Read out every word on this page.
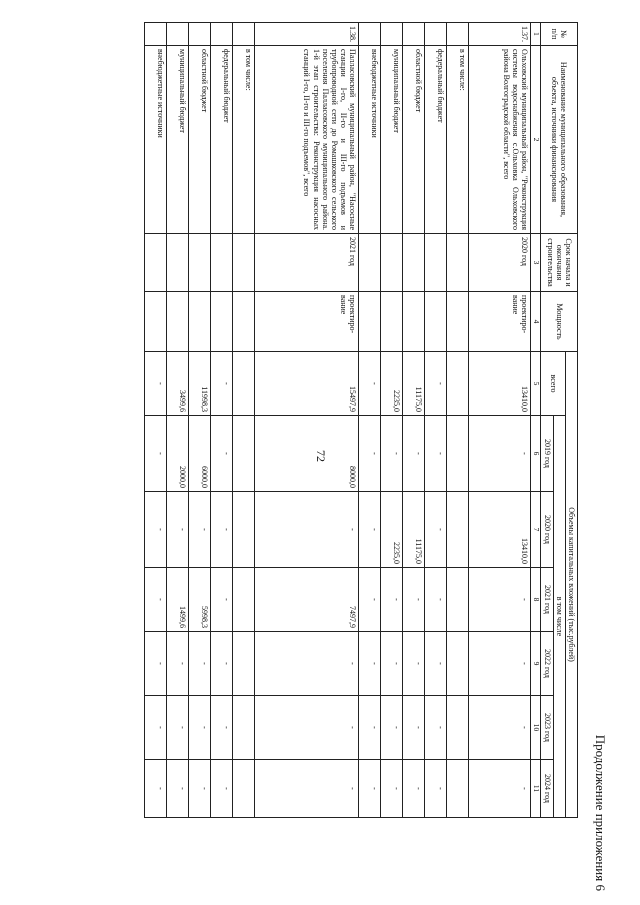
72
Продолжение приложения 6
№ п/п	Наименование муниципального образования, объекта, источники финансирования	Срок начала и окончания строительства	Мощность	Объемы капитальных вложений (тыс.рублей)						
				всего	в том числе					
					2019 год	2020 год	2021 год	2022 год	2023 год	2024 год
1	2	3	4	5	6	7	8	9	10	11
1.37.	Ольховский муниципальный район, "Реконструкция системы водоснабжения с.Ольховка Ольховского района Волгоградской области", всего	2020 год	проектиро-вание	13410,0	-	13410,0	-	-	-	-
	в том числе:									
	федеральный бюджет			-	-	-	-	-	-	-
	областной бюджет			11175,0	-	11175,0	-	-	-	-
	муниципальный бюджет			2235,0	-	2235,0	-	-	-	-
	внебюджетные источники			-	-	-	-	-	-	-
1.38.	Палласовский муниципальный район, "Насосные станции I-го, II-го и III-го подъемов и трубопроводной сети до Ромашковского сельского поселения Палласовского муниципального района. 1-й этап строительства: Реконструкция насосных станций I-го, II-го и III-го подъемов", всего	2021 год	проектиро-вание	15497,9	8000,0	-	7497,9	-	-	-
	в том числе:									
	федеральный бюджет			-	-	-	-	-	-	-
	областной бюджет			11998,3	6000,0	-	5998,3	-	-	-
	муниципальный бюджет			3499,6	2000,0	-	1499,6	-	-	-
	внебюджетные источники			-	-	-	-	-	-	-
